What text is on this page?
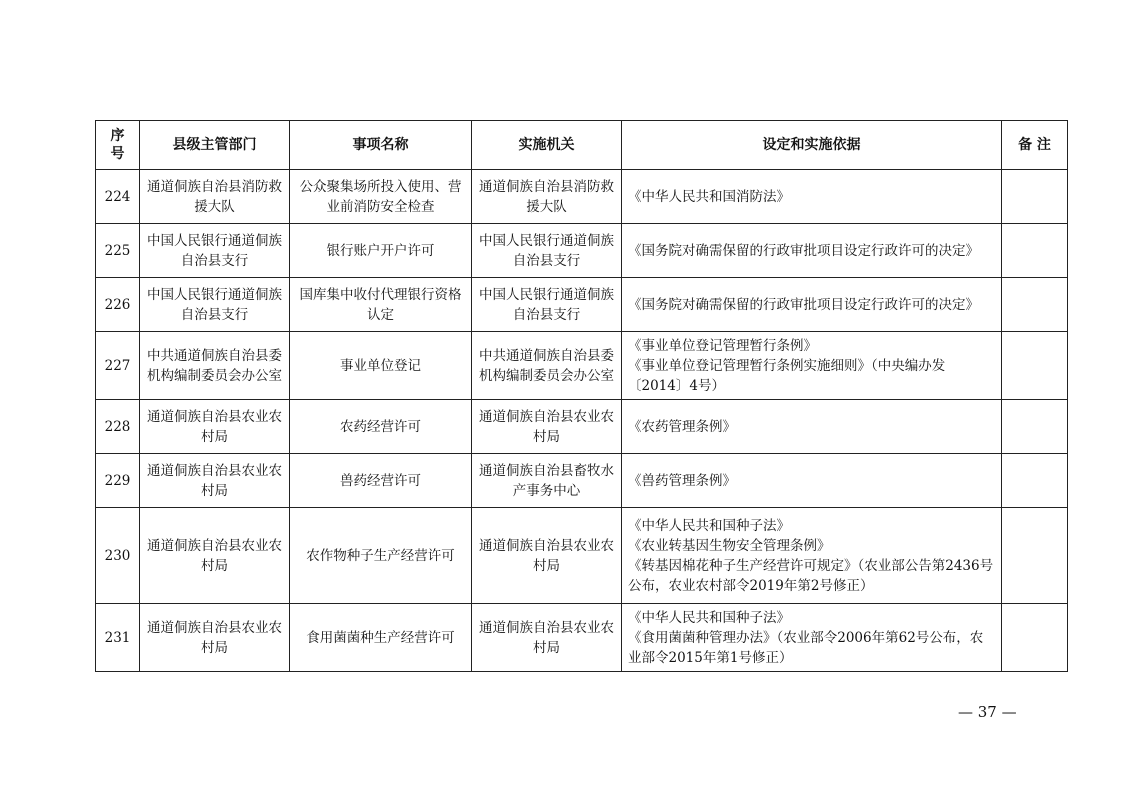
序号	县级主管部门	事项名称	实施机关	设定和实施依据	备 注
224	通道侗族自治县消防救援大队	公众聚集场所投入使用、营业前消防安全检查	通道侗族自治县消防救援大队	《中华人民共和国消防法》	

225	中国人民银行通道侗族自治县支行	银行账户开户许可	中国人民银行通道侗族自治县支行	《国务院对确需保留的行政审批项目设定行政许可的决定》	

226	中国人民银行通道侗族自治县支行	国库集中收付代理银行资格认定	中国人民银行通道侗族自治县支行	《国务院对确需保留的行政审批项目设定行政许可的决定》	

227	中共通道侗族自治县委机构编制委员会办公室	事业单位登记	中共通道侗族自治县委机构编制委员会办公室	《事业单位登记管理暂行条例》
《事业单位登记管理暂行条例实施细则》（中央编办发〔2014〕4号）	

228	通道侗族自治县农业农村局	农药经营许可	通道侗族自治县农业农村局	《农药管理条例》	

229	通道侗族自治县农业农村局	兽药经营许可	通道侗族自治县畜牧水产事务中心	《兽药管理条例》	

230	通道侗族自治县农业农村局	农作物种子生产经营许可	通道侗族自治县农业农村局	《中华人民共和国种子法》
《农业转基因生物安全管理条例》
《转基因棉花种子生产经营许可规定》（农业部公告第2436号公布，农业农村部令2019年第2号修正）	

231	通道侗族自治县农业农村局	食用菌菌种生产经营许可	通道侗族自治县农业农村局	《中华人民共和国种子法》
《食用菌菌种管理办法》（农业部令2006年第62号公布，农业部令2015年第1号修正）	

— 37 —
